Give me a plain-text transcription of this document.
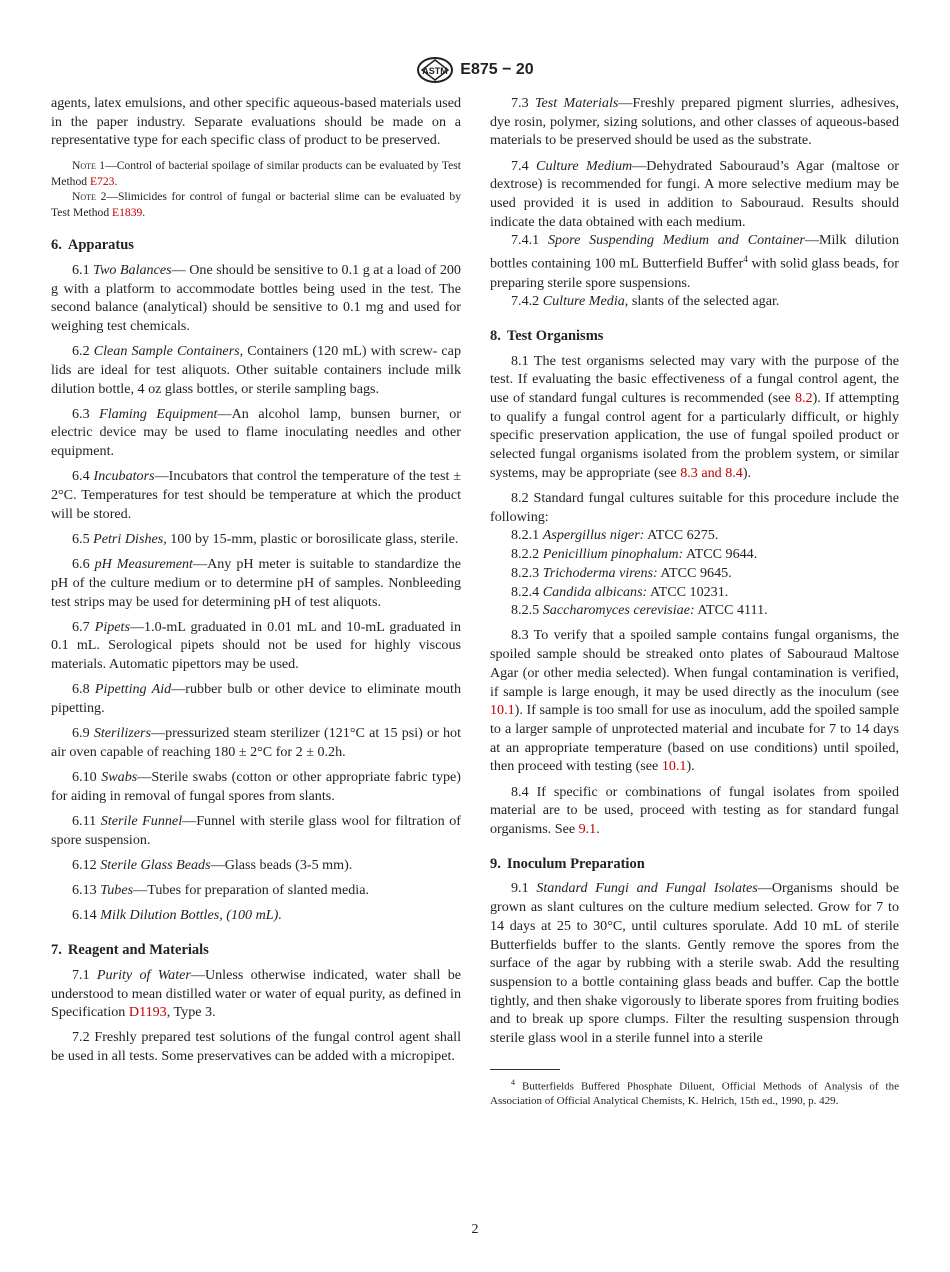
ASTM E875 − 20

agents, latex emulsions, and other specific aqueous-based materials used in the paper industry. Separate evaluations should be made on a representative type for each specific class of product to be preserved.

Note 1—Control of bacterial spoilage of similar products can be evaluated by Test Method E723.

Note 2—Slimicides for control of fungal or bacterial slime can be evaluated by Test Method E1839.

6. Apparatus

6.1 Two Balances— One should be sensitive to 0.1 g at a load of 200 g with a platform to accommodate bottles being used in the test. The second balance (analytical) should be sensitive to 0.1 mg and used for weighing test chemicals.

6.2 Clean Sample Containers, Containers (120 mL) with screw- cap lids are ideal for test aliquots. Other suitable containers include milk dilution bottle, 4 oz glass bottles, or sterile sampling bags.

6.3 Flaming Equipment—An alcohol lamp, bunsen burner, or electric device may be used to flame inoculating needles and other equipment.

6.4 Incubators—Incubators that control the temperature of the test ± 2°C. Temperatures for test should be temperature at which the product will be stored.

6.5 Petri Dishes, 100 by 15-mm, plastic or borosilicate glass, sterile.

6.6 pH Measurement—Any pH meter is suitable to standardize the pH of the culture medium or to determine pH of samples. Nonbleeding test strips may be used for determining pH of test aliquots.

6.7 Pipets—1.0-mL graduated in 0.01 mL and 10-mL graduated in 0.1 mL. Serological pipets should not be used for highly viscous materials. Automatic pipettors may be used.

6.8 Pipetting Aid—rubber bulb or other device to eliminate mouth pipetting.

6.9 Sterilizers—pressurized steam sterilizer (121°C at 15 psi) or hot air oven capable of reaching 180 ± 2°C for 2 ± 0.2h.

6.10 Swabs—Sterile swabs (cotton or other appropriate fabric type) for aiding in removal of fungal spores from slants.

6.11 Sterile Funnel—Funnel with sterile glass wool for filtration of spore suspension.

6.12 Sterile Glass Beads—Glass beads (3-5 mm).

6.13 Tubes—Tubes for preparation of slanted media.

6.14 Milk Dilution Bottles, (100 mL).

7. Reagent and Materials

7.1 Purity of Water—Unless otherwise indicated, water shall be understood to mean distilled water or water of equal purity, as defined in Specification D1193, Type 3.

7.2 Freshly prepared test solutions of the fungal control agent shall be used in all tests. Some preservatives can be added with a micropipet.

7.3 Test Materials—Freshly prepared pigment slurries, adhesives, dye rosin, polymer, sizing solutions, and other classes of aqueous-based materials to be preserved should be used as the substrate.

7.4 Culture Medium—Dehydrated Sabouraud’s Agar (maltose or dextrose) is recommended for fungi. A more selective medium may be used provided it is used in addition to Sabouraud. Results should indicate the data obtained with each medium.

7.4.1 Spore Suspending Medium and Container—Milk dilution bottles containing 100 mL Butterfield Buffer$^4$ with solid glass beads, for preparing sterile spore suspensions.

7.4.2 Culture Media, slants of the selected agar.

8. Test Organisms

8.1 The test organisms selected may vary with the purpose of the test. If evaluating the basic effectiveness of a fungal control agent, the use of standard fungal cultures is recommended (see 8.2). If attempting to qualify a fungal control agent for a particularly difficult, or highly specific preservation application, the use of fungal spoiled product or selected fungal organisms isolated from the problem system, or similar systems, may be appropriate (see 8.3 and 8.4).

8.2 Standard fungal cultures suitable for this procedure include the following:

8.2.1 Aspergillus niger: ATCC 6275.

8.2.2 Penicillium pinophalum: ATCC 9644.

8.2.3 Trichoderma virens: ATCC 9645.

8.2.4 Candida albicans: ATCC 10231.

8.2.5 Saccharomyces cerevisiae: ATCC 4111.

8.3 To verify that a spoiled sample contains fungal organisms, the spoiled sample should be streaked onto plates of Sabouraud Maltose Agar (or other media selected). When fungal contamination is verified, if sample is large enough, it may be used directly as the inoculum (see 10.1). If sample is too small for use as inoculum, add the spoiled sample to a larger sample of unprotected material and incubate for 7 to 14 days at an appropriate temperature (based on use conditions) until spoiled, then proceed with testing (see 10.1).

8.4 If specific or combinations of fungal isolates from spoiled material are to be used, proceed with testing as for standard fungal organisms. See 9.1.

9. Inoculum Preparation

9.1 Standard Fungi and Fungal Isolates—Organisms should be grown as slant cultures on the culture medium selected. Grow for 7 to 14 days at 25 to 30°C, until cultures sporulate. Add 10 mL of sterile Butterfields buffer to the slants. Gently remove the spores from the surface of the agar by rubbing with a sterile swab. Add the resulting suspension to a bottle containing glass beads and buffer. Cap the bottle tightly, and then shake vigorously to liberate spores from fruiting bodies and to break up spore clumps. Filter the resulting suspension through sterile glass wool in a sterile funnel into a sterile

$^4$ Butterfields Buffered Phosphate Diluent, Official Methods of Analysis of the Association of Official Analytical Chemists, K. Helrich, 15th ed., 1990, p. 429.

2
